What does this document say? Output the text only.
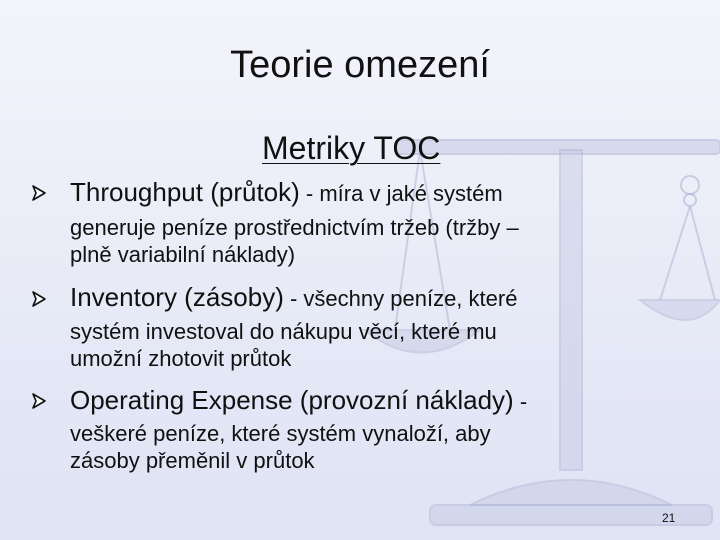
Teorie omezení
Metriky TOC
Throughput (průtok) - míra v jaké systém
generuje peníze prostřednictvím tržeb (tržby –
plně variabilní náklady)
Inventory (zásoby) - všechny peníze, které
systém investoval do nákupu věcí, které mu
umožní zhotovit průtok
Operating Expense (provozní náklady) -
veškeré peníze, které systém vynaloží, aby
zásoby přeměnil v průtok
21
